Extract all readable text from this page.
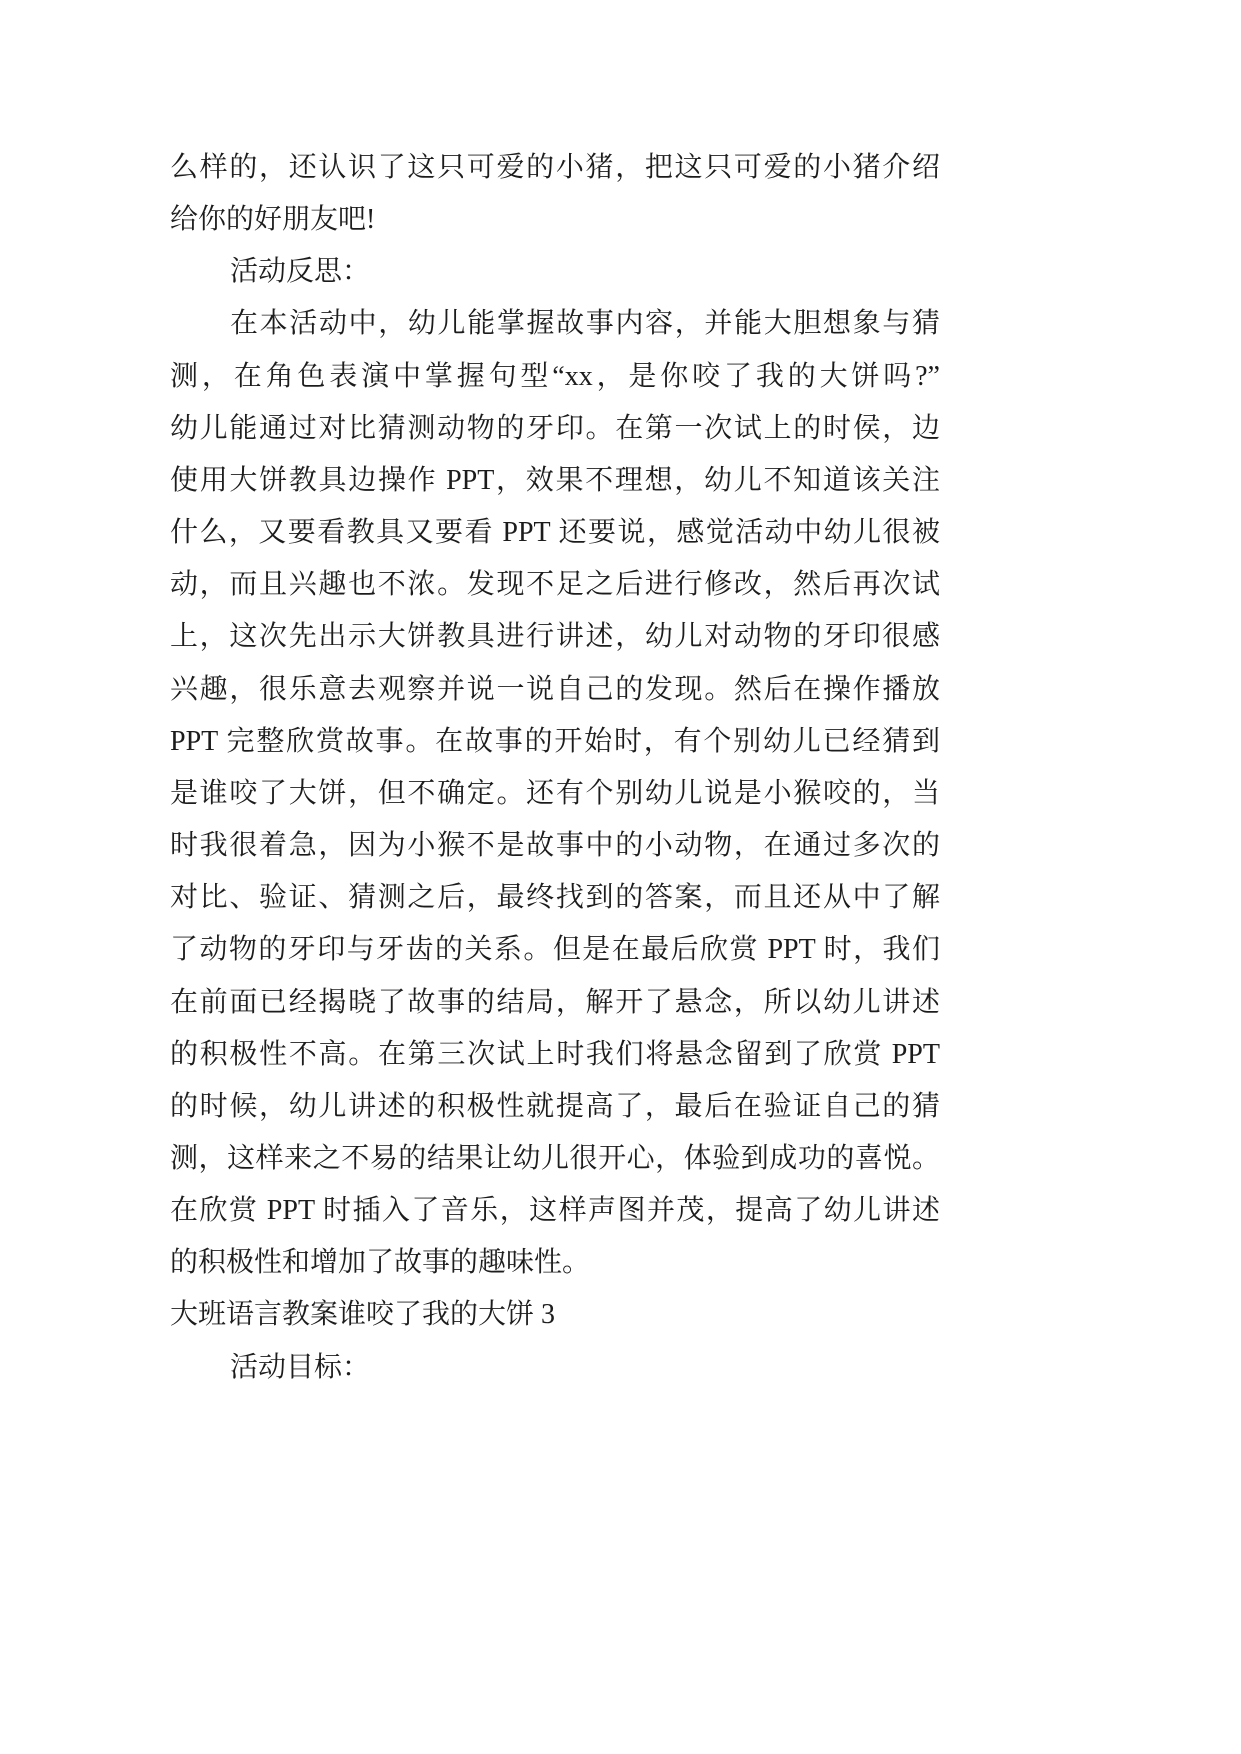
么样的，还认识了这只可爱的小猪，把这只可爱的小猪介绍
给你的好朋友吧!
活动反思：
在本活动中，幼儿能掌握故事内容，并能大胆想象与猜
测，在角色表演中掌握句型“xx，是你咬了我的大饼吗?”
幼儿能通过对比猜测动物的牙印。在第一次试上的时侯，边
使用大饼教具边操作 PPT，效果不理想，幼儿不知道该关注
什么，又要看教具又要看 PPT 还要说，感觉活动中幼儿很被
动，而且兴趣也不浓。发现不足之后进行修改，然后再次试
上，这次先出示大饼教具进行讲述，幼儿对动物的牙印很感
兴趣，很乐意去观察并说一说自己的发现。然后在操作播放
PPT 完整欣赏故事。在故事的开始时，有个别幼儿已经猜到
是谁咬了大饼，但不确定。还有个别幼儿说是小猴咬的，当
时我很着急，因为小猴不是故事中的小动物，在通过多次的
对比、验证、猜测之后，最终找到的答案，而且还从中了解
了动物的牙印与牙齿的关系。但是在最后欣赏 PPT 时，我们
在前面已经揭晓了故事的结局，解开了悬念，所以幼儿讲述
的积极性不高。在第三次试上时我们将悬念留到了欣赏 PPT
的时候，幼儿讲述的积极性就提高了，最后在验证自己的猜
测，这样来之不易的结果让幼儿很开心，体验到成功的喜悦。
在欣赏 PPT 时插入了音乐，这样声图并茂，提高了幼儿讲述
的积极性和增加了故事的趣味性。
大班语言教案谁咬了我的大饼 3
活动目标：
